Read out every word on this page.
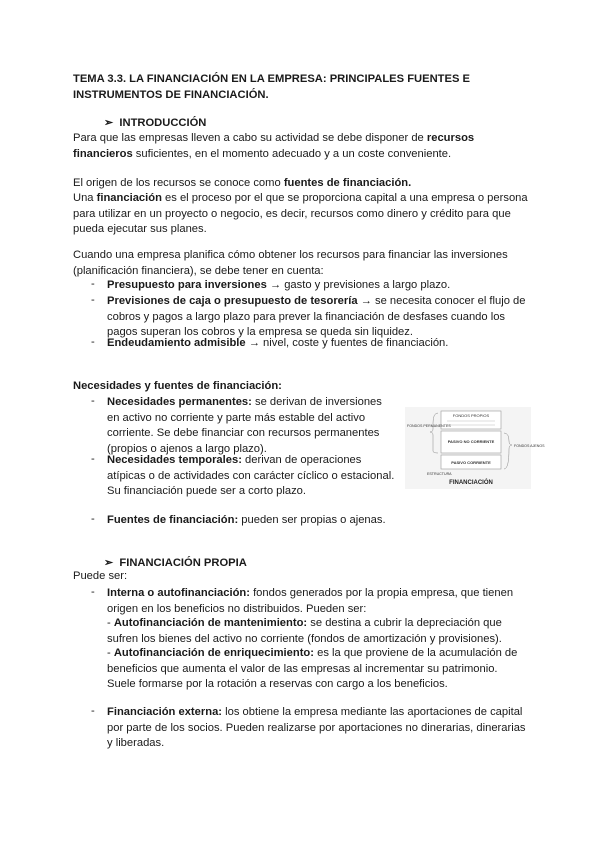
TEMA 3.3. LA FINANCIACIÓN EN LA EMPRESA: PRINCIPALES FUENTES E INSTRUMENTOS DE FINANCIACIÓN.
➢ INTRODUCCIÓN
Para que las empresas lleven a cabo su actividad se debe disponer de recursos financieros suficientes, en el momento adecuado y a un coste conveniente.
El origen de los recursos se conoce como fuentes de financiación.
Una financiación es el proceso por el que se proporciona capital a una empresa o persona para utilizar en un proyecto o negocio, es decir, recursos como dinero y crédito para que pueda ejecutar sus planes.
Cuando una empresa planifica cómo obtener los recursos para financiar las inversiones (planificación financiera), se debe tener en cuenta:
- Presupuesto para inversiones → gasto y previsiones a largo plazo.
- Previsiones de caja o presupuesto de tesorería → se necesita conocer el flujo de cobros y pagos a largo plazo para prever la financiación de desfases cuando los pagos superan los cobros y la empresa se queda sin liquidez.
- Endeudamiento admisible → nivel, coste y fuentes de financiación.
Necesidades y fuentes de financiación:
- Necesidades permanentes: se derivan de inversiones en activo no corriente y parte más estable del activo corriente. Se debe financiar con recursos permanentes (propios o ajenos a largo plazo).
- Necesidades temporales: derivan de operaciones atípicas o de actividades con carácter cíclico o estacional. Su financiación puede ser a corto plazo.
- Fuentes de financiación: pueden ser propias o ajenas.
FONDOS PROPIOS
PASIVO NO CORRIENTE
PASIVO CORRIENTE
FONDOS PERMANENTES
FONDOS AJENOS
ESTRUCTURA
FINANCIACIÓN
➢ FINANCIACIÓN PROPIA
Puede ser:
- Interna o autofinanciación: fondos generados por la propia empresa, que tienen origen en los beneficios no distribuidos. Pueden ser:
- Autofinanciación de mantenimiento: se destina a cubrir la depreciación que sufren los bienes del activo no corriente (fondos de amortización y provisiones).
- Autofinanciación de enriquecimiento: es la que proviene de la acumulación de beneficios que aumenta el valor de las empresas al incrementar su patrimonio. Suele formarse por la rotación a reservas con cargo a los beneficios.
- Financiación externa: los obtiene la empresa mediante las aportaciones de capital por parte de los socios. Pueden realizarse por aportaciones no dinerarias, dinerarias y liberadas.
